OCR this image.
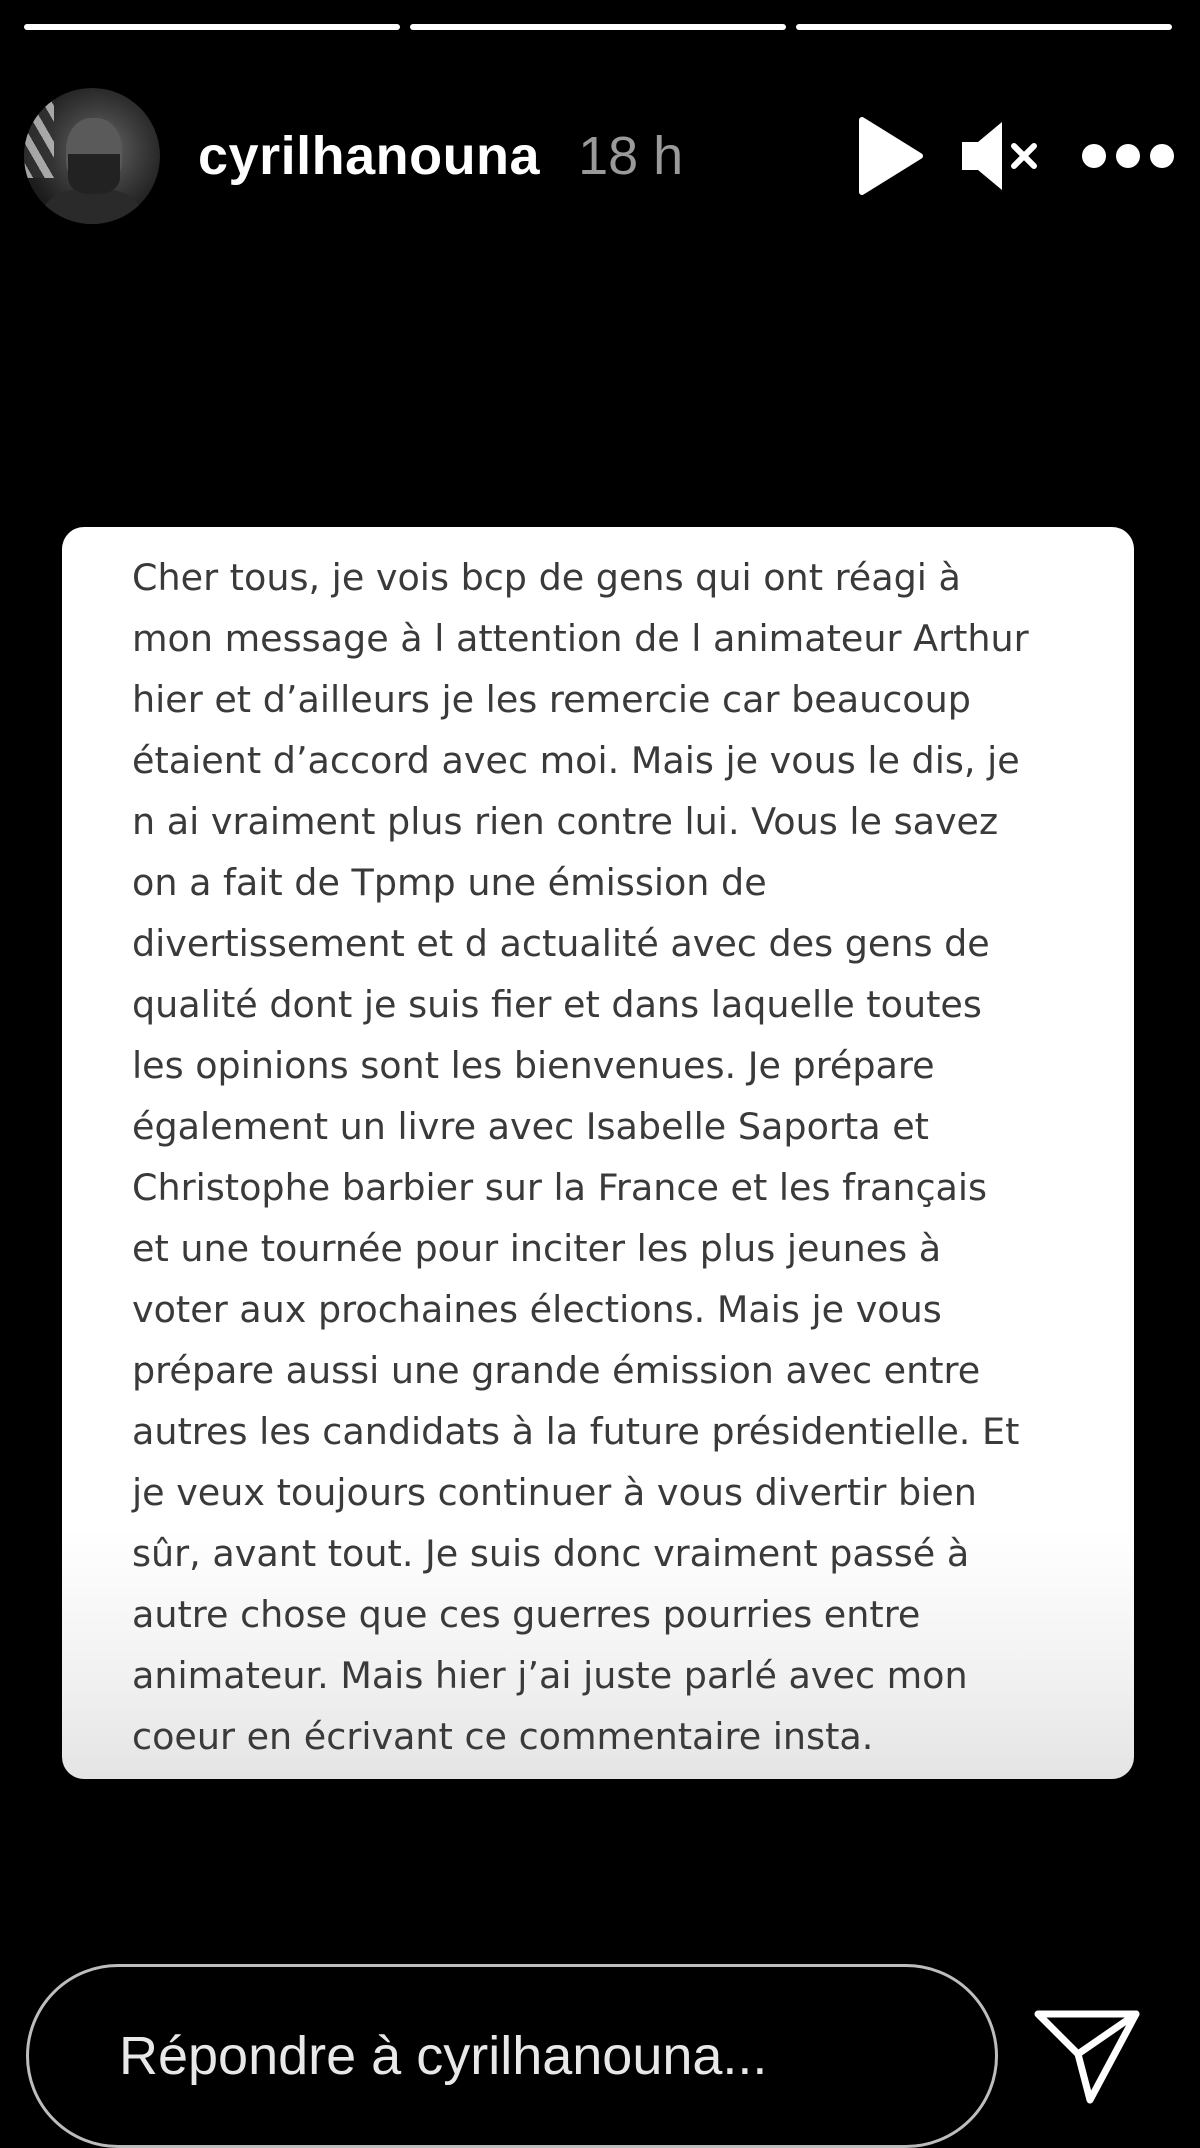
cyrilhanouna 18 h

Cher tous, je vois bcp de gens qui ont réagi à
mon message à l attention de l animateur Arthur
hier et d’ailleurs je les remercie car beaucoup
étaient d’accord avec moi. Mais je vous le dis, je
n ai vraiment plus rien contre lui. Vous le savez
on a fait de Tpmp une émission de
divertissement et d actualité avec des gens de
qualité dont je suis fier et dans laquelle toutes
les opinions sont les bienvenues. Je prépare
également un livre avec Isabelle Saporta et
Christophe barbier sur la France et les français
et une tournée pour inciter les plus jeunes à
voter aux prochaines élections. Mais je vous
prépare aussi une grande émission avec entre
autres les candidats à la future présidentielle. Et
je veux toujours continuer à vous divertir bien
sûr, avant tout. Je suis donc vraiment passé à
autre chose que ces guerres pourries entre
animateur. Mais hier j’ai juste parlé avec mon
coeur en écrivant ce commentaire insta.

Répondre à cyrilhanouna...
